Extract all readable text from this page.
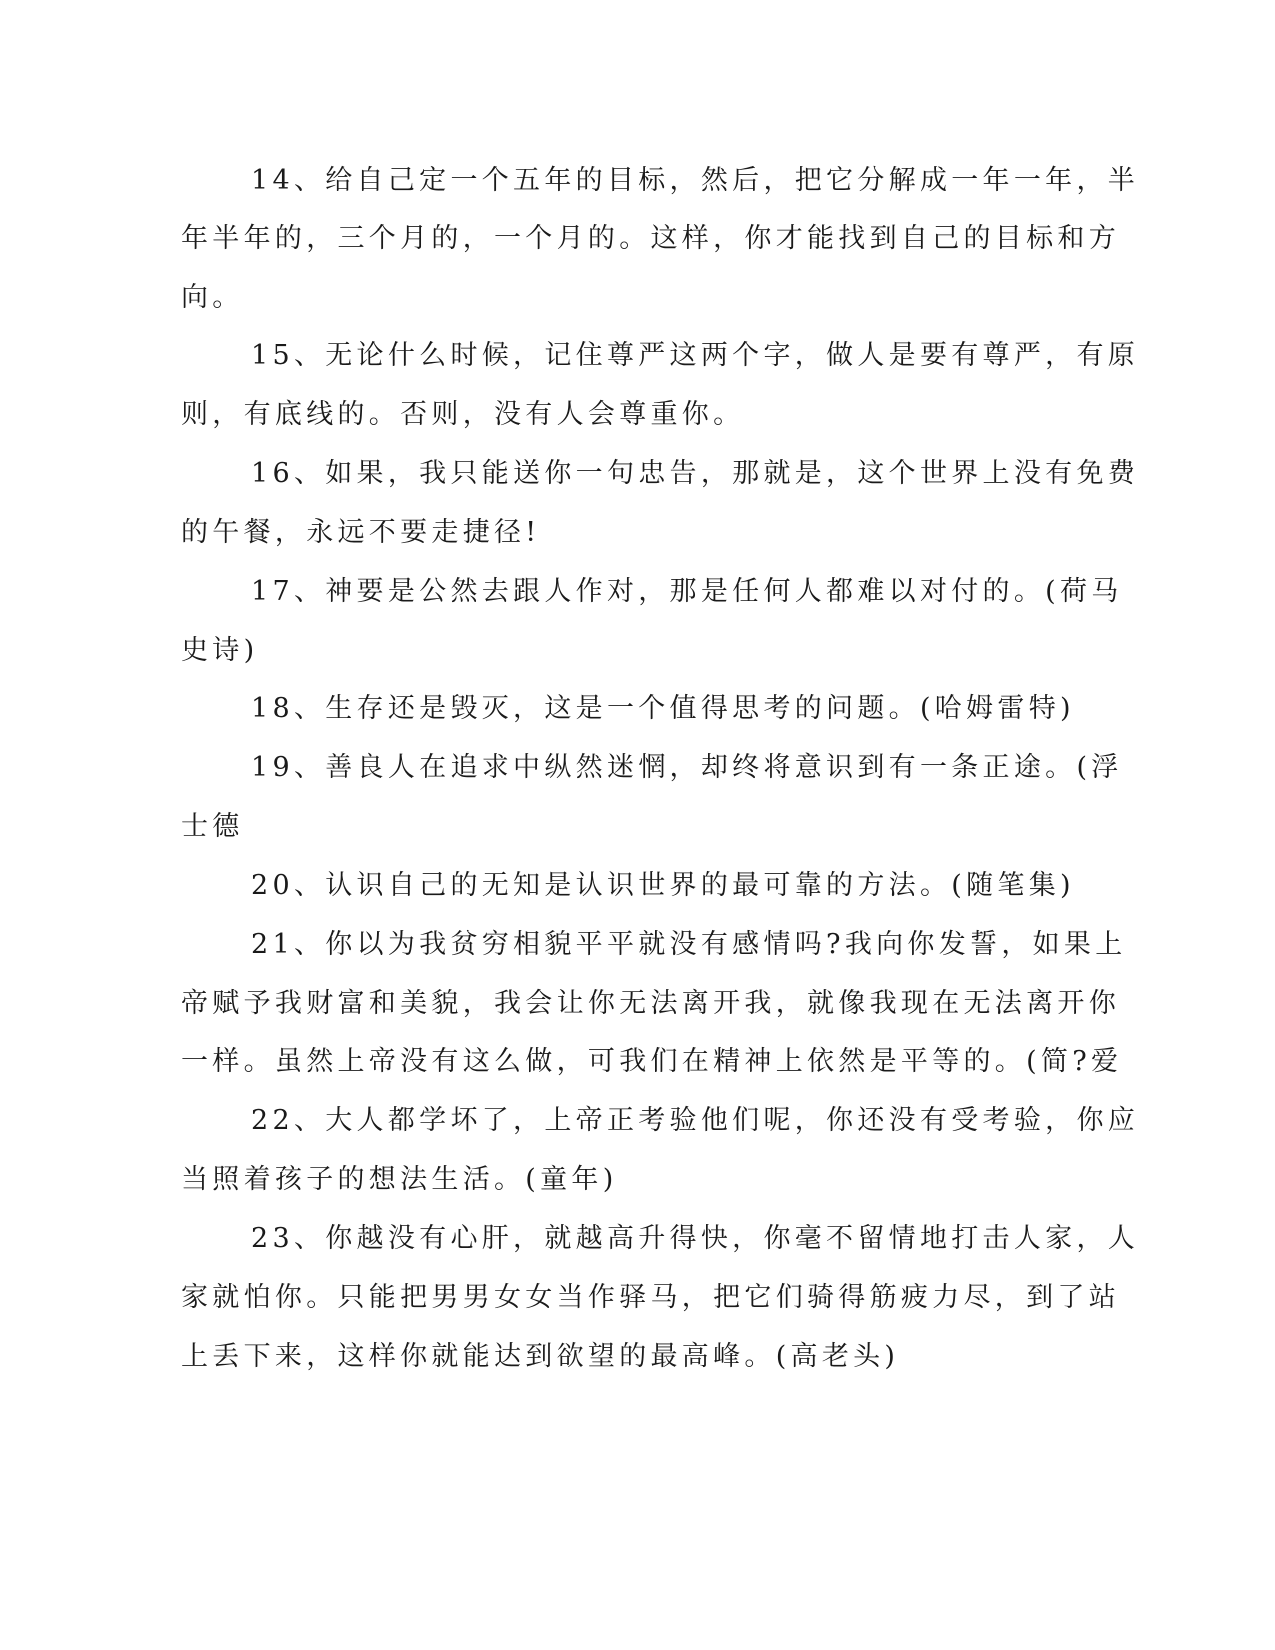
14、给自己定一个五年的目标，然后，把它分解成一年一年，半
年半年的，三个月的，一个月的。这样，你才能找到自己的目标和方
向。
15、无论什么时候，记住尊严这两个字，做人是要有尊严，有原
则，有底线的。否则，没有人会尊重你。
16、如果，我只能送你一句忠告，那就是，这个世界上没有免费
的午餐，永远不要走捷径!
17、神要是公然去跟人作对，那是任何人都难以对付的。(荷马
史诗)
18、生存还是毁灭，这是一个值得思考的问题。(哈姆雷特)
19、善良人在追求中纵然迷惘，却终将意识到有一条正途。(浮
士德
20、认识自己的无知是认识世界的最可靠的方法。(随笔集)
21、你以为我贫穷相貌平平就没有感情吗?我向你发誓，如果上
帝赋予我财富和美貌，我会让你无法离开我，就像我现在无法离开你
一样。虽然上帝没有这么做，可我们在精神上依然是平等的。(简?爱
22、大人都学坏了，上帝正考验他们呢，你还没有受考验，你应
当照着孩子的想法生活。(童年)
23、你越没有心肝，就越高升得快，你毫不留情地打击人家，人
家就怕你。只能把男男女女当作驿马，把它们骑得筋疲力尽，到了站
上丢下来，这样你就能达到欲望的最高峰。(高老头)
